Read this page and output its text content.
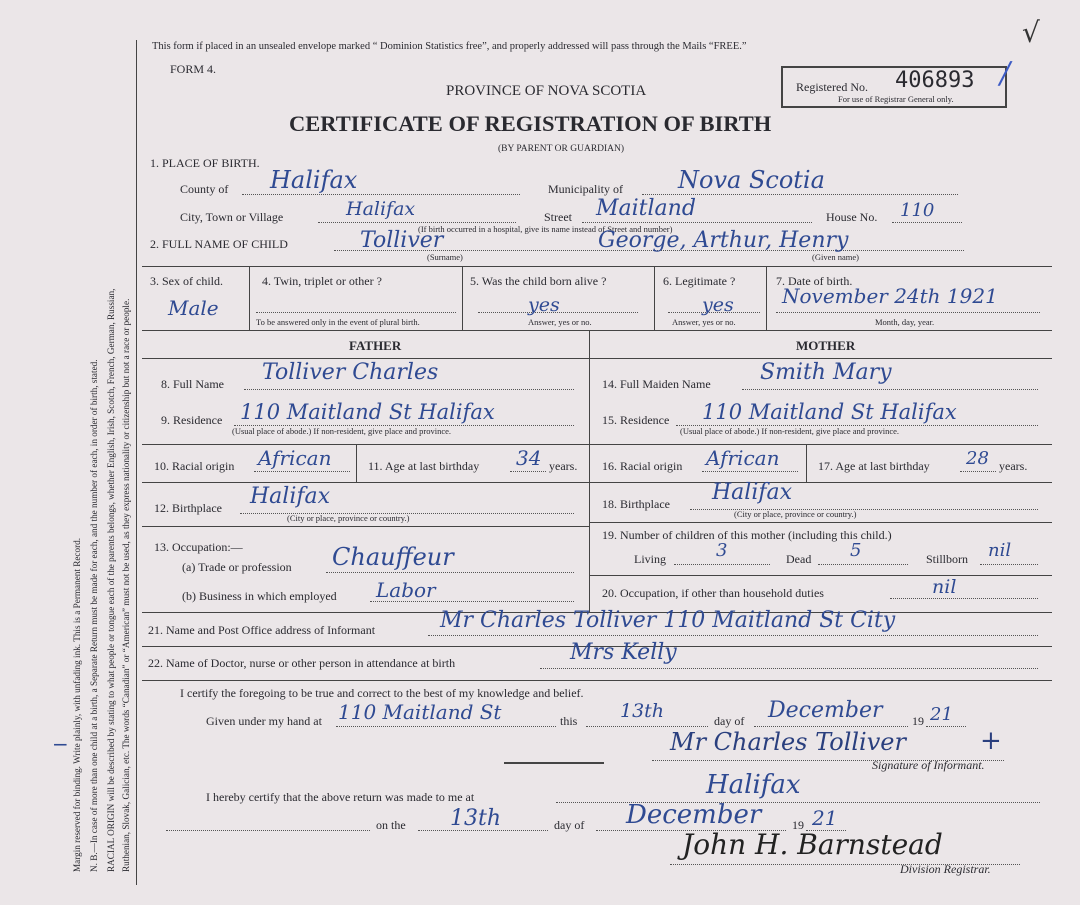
Margin reserved for binding. Write plainly, with unfading ink. This is a Permanent Record. N. B.—In case of more than one child at a birth, a Separate Return must be made for each, and the number of each, in order of birth, stated. RACIAL ORIGIN will be described by stating to what people or tongue each of the parents belongs, whether English, Irish, Scotch, French, German, Russian, Ruthenian, Slovak, Galician, etc. The words “Canadian” or “American” must not be used, as they express nationality or citizenship but not a race or people.
−
This form if placed in an unsealed envelope marked “ Dominion Statistics free”, and properly addressed will pass through the Mails “FREE.”	√
FORM 4.
PROVINCE OF NOVA SCOTIA
CERTIFICATE OF REGISTRATION OF BIRTH
(BY PARENT OR GUARDIAN)
Registered No. 406893
For use of Registrar General only.
∕
1. PLACE OF BIRTH.
County of Halifax	Municipality of Nova Scotia
City, Town or Village	Halifax	Street Maitland	House No. 110
(If birth occurred in a hospital, give its name instead of Street and number)
2. FULL NAME OF CHILD	Tolliver	George, Arthur, Henry
(Surname)	(Given name)
3. Sex of child.
Male
4. Twin, triplet or other ?
To be answered only in the event of plural birth.
5. Was the child born alive ?
yes
Answer, yes or no.
6. Legitimate ?
yes
Answer, yes or no.
7. Date of birth.
November 24th 1921
Month, day, year.
FATHER	MOTHER
8. Full Name Tolliver Charles
9. Residence 110 Maitland St Halifax
(Usual place of abode.) If non-resident, give place and province.
10. Racial origin African	11. Age at last birthday 34 years.
12. Birthplace Halifax
(City or place, province or country.)
13. Occupation:—
(a) Trade or profession Chauffeur
(b) Business in which employed Labor
14. Full Maiden Name Smith Mary
15. Residence 110 Maitland St Halifax
(Usual place of abode.) If non-resident, give place and province.
16. Racial origin African	17. Age at last birthday 28 years.
18. Birthplace Halifax
(City or place, province or country.)
19. Number of children of this mother (including this child.)
Living	3	Dead 5	Stillborn nil
20. Occupation, if other than household duties	nil
21. Name and Post Office address of Informant	Mr Charles Tolliver 110 Maitland St City
22. Name of Doctor, nurse or other person in attendance at birth	Mrs Kelly
I certify the foregoing to be true and correct to the best of my knowledge and belief.
Given under my hand at 110 Maitland St	this 13th	day of December 19 21
Mr Charles Tolliver	+
Signature of Informant.
I hereby certify that the above return was made to me at	Halifax
on the 13th	day of December	19 21
John H. Barnstead
Division Registrar.
